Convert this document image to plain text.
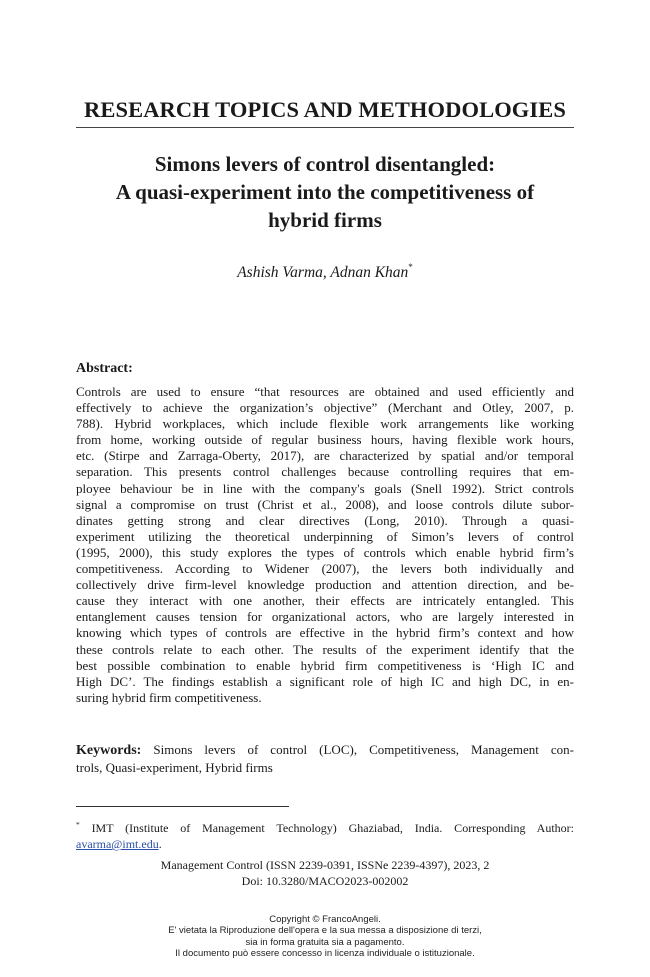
RESEARCH TOPICS AND METHODOLOGIES
Simons levers of control disentangled:
A quasi-experiment into the competitiveness of
hybrid firms
Ashish Varma, Adnan Khan*
Abstract:
Controls are used to ensure “that resources are obtained and used efficiently and
effectively to achieve the organization’s objective” (Merchant and Otley, 2007, p.
788). Hybrid workplaces, which include flexible work arrangements like working
from home, working outside of regular business hours, having flexible work hours,
etc. (Stirpe and Zarraga-Oberty, 2017), are characterized by spatial and/or temporal
separation. This presents control challenges because controlling requires that em-
ployee behaviour be in line with the company's goals (Snell 1992). Strict controls
signal a compromise on trust (Christ et al., 2008), and loose controls dilute subor-
dinates getting strong and clear directives (Long, 2010). Through a quasi-
experiment utilizing the theoretical underpinning of Simon’s levers of control
(1995, 2000), this study explores the types of controls which enable hybrid firm’s
competitiveness. According to Widener (2007), the levers both individually and
collectively drive firm-level knowledge production and attention direction, and be-
cause they interact with one another, their effects are intricately entangled. This
entanglement causes tension for organizational actors, who are largely interested in
knowing which types of controls are effective in the hybrid firm’s context and how
these controls relate to each other. The results of the experiment identify that the
best possible combination to enable hybrid firm competitiveness is ‘High IC and
High DC’. The findings establish a significant role of high IC and high DC, in en-
suring hybrid firm competitiveness.
Keywords: Simons levers of control (LOC), Competitiveness, Management con-
trols, Quasi-experiment, Hybrid firms
* IMT (Institute of Management Technology) Ghaziabad, India. Corresponding Author:
avarma@imt.edu.
Management Control (ISSN 2239-0391, ISSNe 2239-4397), 2023, 2
Doi: 10.3280/MACO2023-002002
Copyright © FrancoAngeli.
E' vietata la Riproduzione dell'opera e la sua messa a disposizione di terzi,
sia in forma gratuita sia a pagamento.
Il documento può essere concesso in licenza individuale o istituzionale.
